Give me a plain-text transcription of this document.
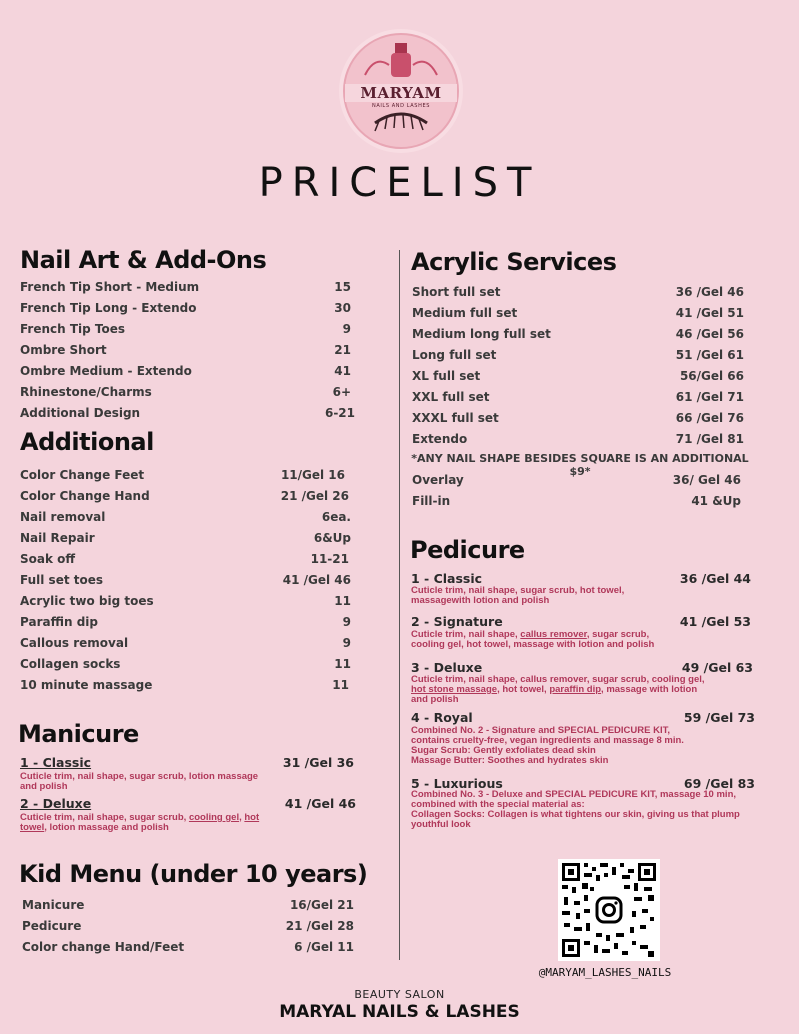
MARYAM
NAILS AND LASHES
PRICELIST
Nail Art & Add-Ons
French Tip Short - Medium	15
French Tip Long - Extendo	30
French Tip Toes	9
Ombre Short	21
Ombre Medium - Extendo	41
Rhinestone/Charms	6+
Additional Design	6-21
Additional
Color Change Feet	11/Gel 16
Color Change Hand	21 /Gel 26
Nail removal	6ea.
Nail Repair	6&Up
Soak off	11-21
Full set toes	41 /Gel 46
Acrylic two big toes	11
Paraffin dip	9
Callous removal	9
Collagen socks	11
10 minute massage	11
Manicure
1 - Classic	31 /Gel 36
Cuticle trim, nail shape, sugar scrub, lotion massage and polish
2 - Deluxe	41 /Gel 46
Cuticle trim, nail shape, sugar scrub, cooling gel, hot towel, lotion massage and polish
Kid Menu (under 10 years)
Manicure	16/Gel 21
Pedicure	21 /Gel 28
Color change Hand/Feet	6 /Gel 11
Acrylic Services
Short full set	36 /Gel 46
Medium full set	41 /Gel 51
Medium long full set	46 /Gel 56
Long full set	51 /Gel 61
XL full set	56/Gel 66
XXL full set	61 /Gel 71
XXXL full set	66 /Gel 76
Extendo	71 /Gel 81
*ANY NAIL SHAPE BESIDES SQUARE IS AN ADDITIONAL $9*
Overlay	36/ Gel 46
Fill-in	41 &Up
Pedicure
1 - Classic	36 /Gel 44
Cuticle trim, nail shape, sugar scrub, hot towel, massagewith lotion and polish
2 - Signature	41 /Gel 53
Cuticle trim, nail shape, callus remover, sugar scrub, cooling gel, hot towel, massage with lotion and polish
3 - Deluxe	49 /Gel 63
Cuticle trim, nail shape, callus remover, sugar scrub, cooling gel, hot stone massage, hot towel, paraffin dip, massage with lotion and polish
4 - Royal	59 /Gel 73
Combined No. 2 - Signature and SPECIAL PEDICURE KIT, contains cruelty-free, vegan ingredients and massage 8 min.
Sugar Scrub: Gently exfoliates dead skin
Massage Butter: Soothes and hydrates skin
5 - Luxurious	69 /Gel 83
Combined No. 3 - Deluxe and SPECIAL PEDICURE KIT, massage 10 min, combined with the special material as:
Collagen Socks: Collagen is what tightens our skin, giving us that plump youthful look
@MARYAM_LASHES_NAILS
BEAUTY SALON
MARYAL NAILS & LASHES
